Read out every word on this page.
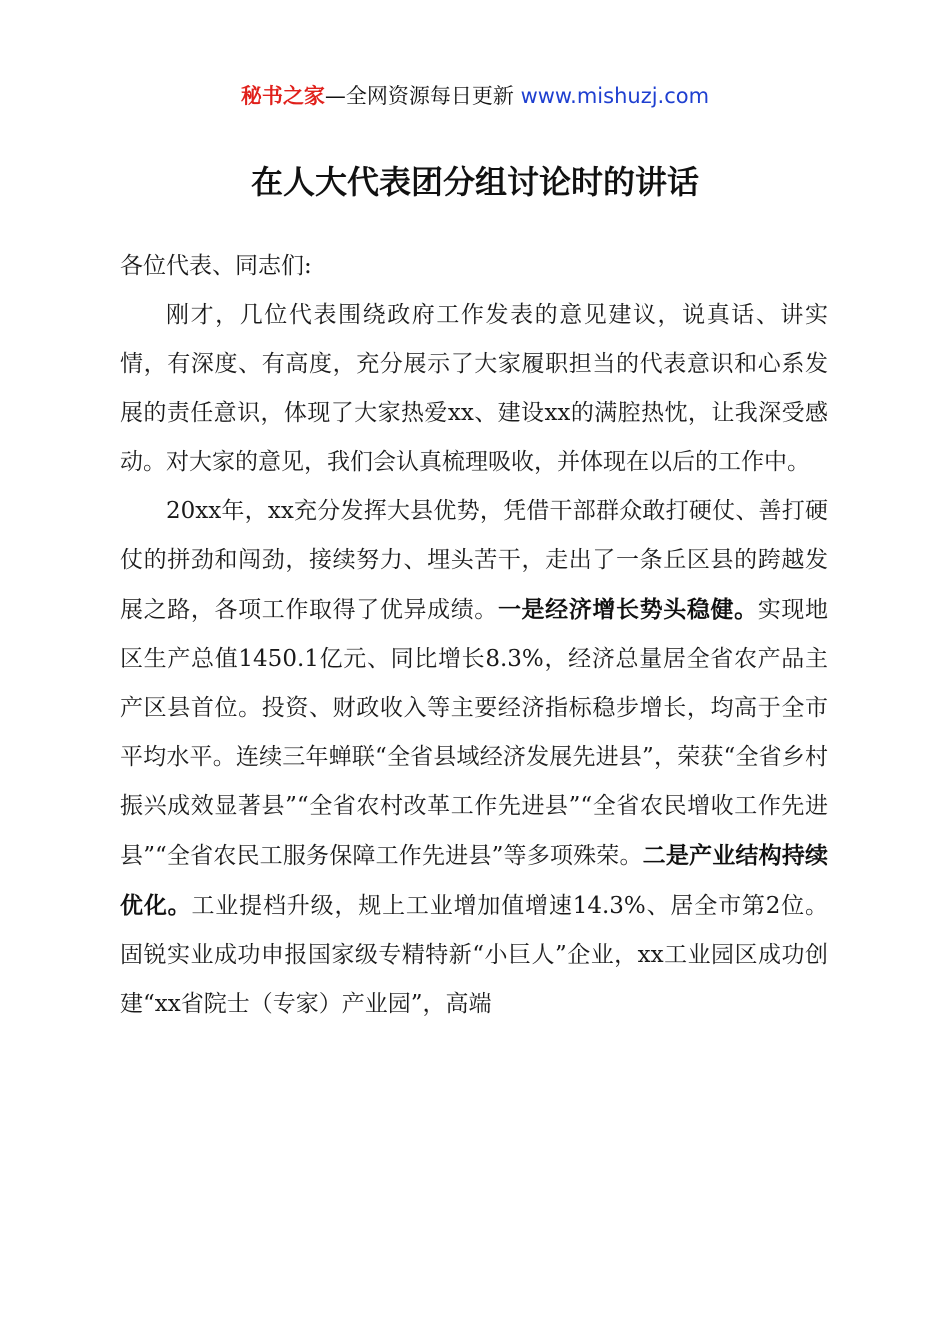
秘书之家—全网资源每日更新 www.mishuzj.com
在人大代表团分组讨论时的讲话

各位代表、同志们:

刚才，几位代表围绕政府工作发表的意见建议，说真话、讲实情，有深度、有高度，充分展示了大家履职担当的代表意识和心系发展的责任意识，体现了大家热爱xx、建设xx的满腔热忱，让我深受感动。对大家的意见，我们会认真梳理吸收，并体现在以后的工作中。

20xx年，xx充分发挥大县优势，凭借干部群众敢打硬仗、善打硬仗的拼劲和闯劲，接续努力、埋头苦干，走出了一条丘区县的跨越发展之路，各项工作取得了优异成绩。一是经济增长势头稳健。实现地区生产总值1450.1亿元、同比增长8.3%，经济总量居全省农产品主产区县首位。投资、财政收入等主要经济指标稳步增长，均高于全市平均水平。连续三年蝉联“全省县域经济发展先进县”，荣获“全省乡村振兴成效显著县”“全省农村改革工作先进县”“全省农民增收工作先进县”“全省农民工服务保障工作先进县”等多项殊荣。二是产业结构持续优化。工业提档升级，规上工业增加值增速14.3%、居全市第2位。固锐实业成功申报国家级专精特新“小巨人”企业，xx工业园区成功创建“xx省院士（专家）产业园”，高端
